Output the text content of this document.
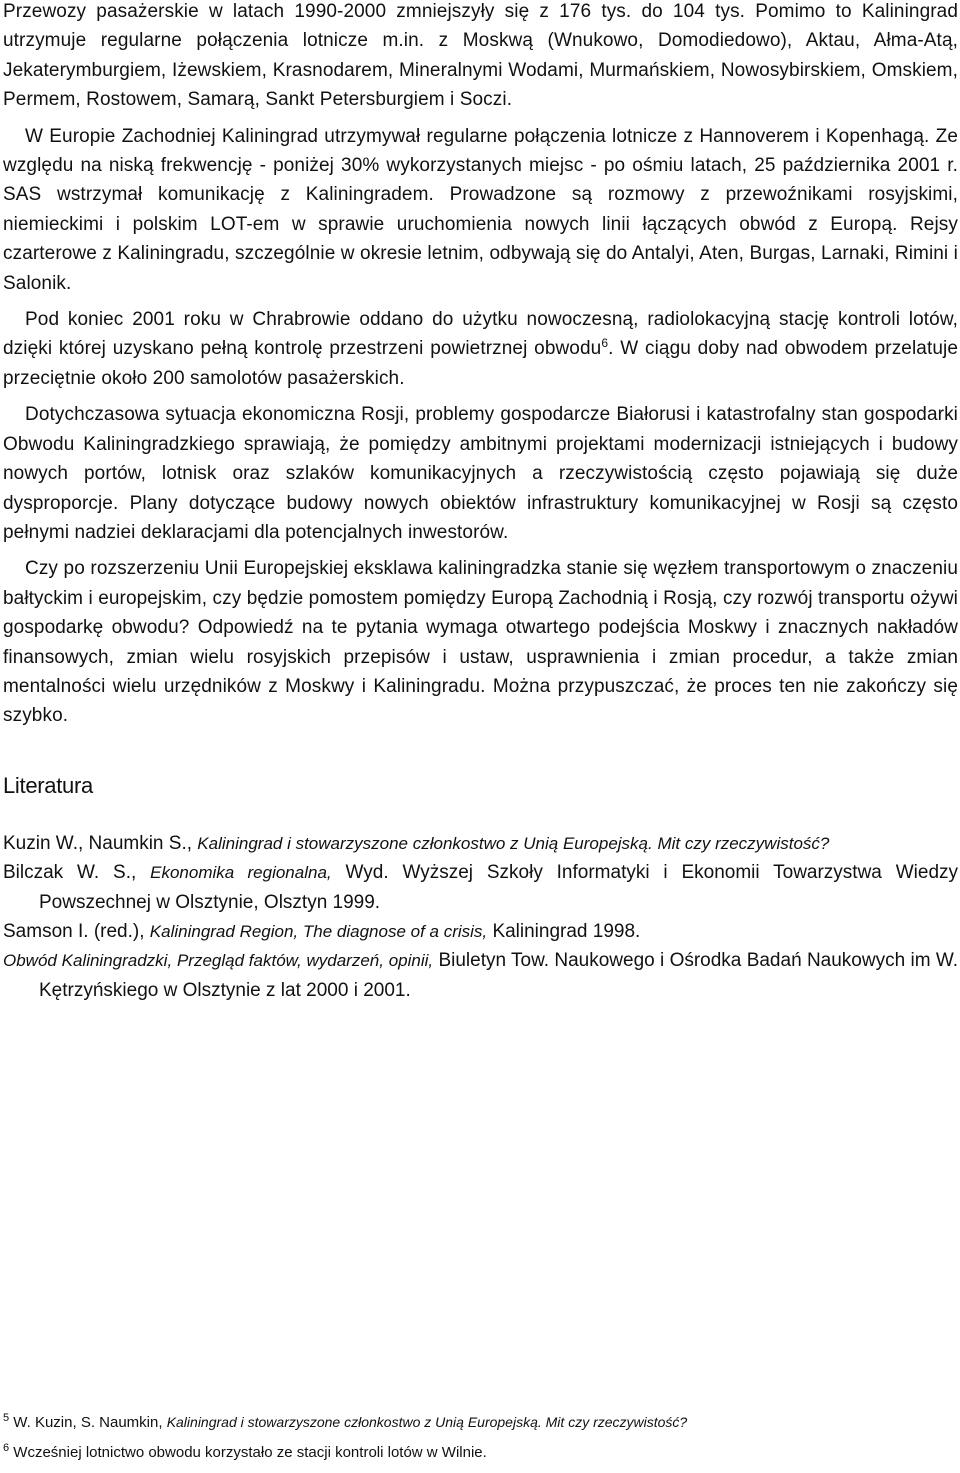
Przewozy pasażerskie w latach 1990-2000 zmniejszyły się z 176 tys. do 104 tys. Pomimo to Kaliningrad utrzymuje regularne połączenia lotnicze m.in. z Moskwą (Wnukowo, Domodiedowo), Aktau, Ałma-Atą, Jekaterymburgiem, Iżewskiem, Krasnodarem, Mineralnymi Wodami, Murmańskiem, Nowosybirskiem, Omskiem, Permem, Rostowem, Samarą, Sankt Petersburgiem i Soczi.

W Europie Zachodniej Kaliningrad utrzymywał regularne połączenia lotnicze z Hannoverem i Kopenhagą. Ze względu na niską frekwencję - poniżej 30% wykorzystanych miejsc - po ośmiu latach, 25 października 2001 r. SAS wstrzymał komunikację z Kaliningradem. Prowadzone są rozmowy z przewoźnikami rosyjskimi, niemieckimi i polskim LOT-em w sprawie uruchomienia nowych linii łączących obwód z Europą. Rejsy czarterowe z Kaliningradu, szczególnie w okresie letnim, odbywają się do Antalyi, Aten, Burgas, Larnaki, Rimini i Salonik.

Pod koniec 2001 roku w Chrabrowie oddano do użytku nowoczesną, radiolokacyjną stację kontroli lotów, dzięki której uzyskano pełną kontrolę przestrzeni powietrznej obwodu$^6$. W ciągu doby nad obwodem przelatuje przeciętnie około 200 samolotów pasażerskich.

Dotychczasowa sytuacja ekonomiczna Rosji, problemy gospodarcze Białorusi i katastrofalny stan gospodarki Obwodu Kaliningradzkiego sprawiają, że pomiędzy ambitnymi projektami modernizacji istniejących i budowy nowych portów, lotnisk oraz szlaków komunikacyjnych a rzeczywistością często pojawiają się duże dysproporcje. Plany dotyczące budowy nowych obiektów infrastruktury komunikacyjnej w Rosji są często pełnymi nadziei deklaracjami dla potencjalnych inwestorów.

Czy po rozszerzeniu Unii Europejskiej eksklawa kaliningradzka stanie się węzłem transportowym o znaczeniu bałtyckim i europejskim, czy będzie pomostem pomiędzy Europą Zachodnią i Rosją, czy rozwój transportu ożywi gospodarkę obwodu? Odpowiedź na te pytania wymaga otwartego podejścia Moskwy i znacznych nakładów finansowych, zmian wielu rosyjskich przepisów i ustaw, usprawnienia i zmian procedur, a także zmian mentalności wielu urzędników z Moskwy i Kaliningradu. Można przypuszczać, że proces ten nie zakończy się szybko.

Literatura

Kuzin W., Naumkin S., Kaliningrad i stowarzyszone członkostwo z Unią Europejską. Mit czy rzeczywistość?

Bilczak W. S., Ekonomika regionalna, Wyd. Wyższej Szkoły Informatyki i Ekonomii Towarzystwa Wiedzy Powszechnej w Olsztynie, Olsztyn 1999.

Samson I. (red.), Kaliningrad Region, The diagnose of a crisis, Kaliningrad 1998.

Obwód Kaliningradzki, Przegląd faktów, wydarzeń, opinii, Biuletyn Tow. Naukowego i Ośrodka Badań Naukowych im W. Kętrzyńskiego w Olsztynie z lat 2000 i 2001.

$^5$ W. Kuzin, S. Naumkin, Kaliningrad i stowarzyszone członkostwo z Unią Europejską. Mit czy rzeczywistość?

$^6$ Wcześniej lotnictwo obwodu korzystało ze stacji kontroli lotów w Wilnie.
